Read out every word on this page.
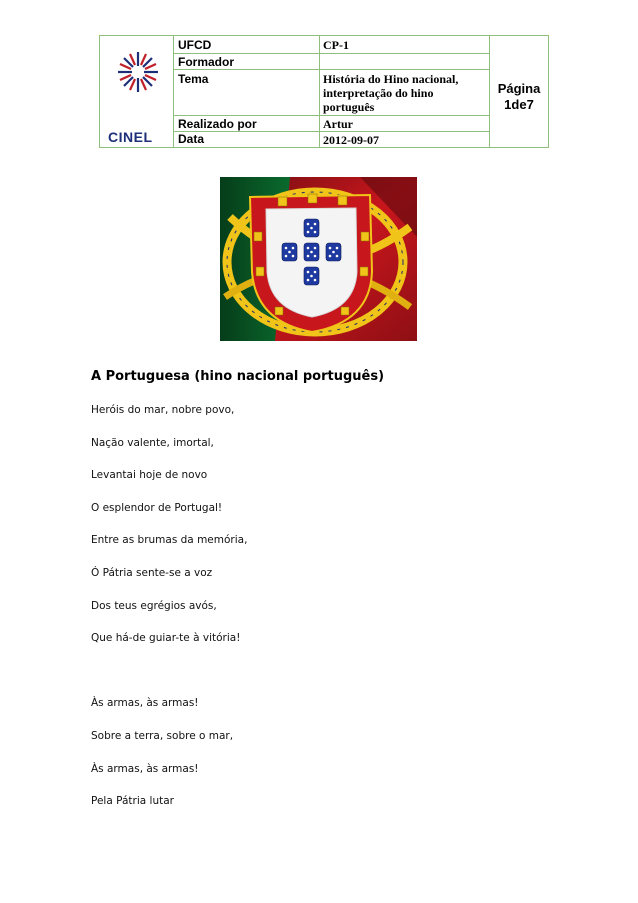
CINEL
UFCD	CP-1
Formador
Tema	História do Hino nacional, interpretação do hino português
Realizado por	Artur
Data	2012-09-07
Página
1de7
A Portuguesa (hino nacional português)
Heróis do mar, nobre povo,
Nação valente, imortal,
Levantai hoje de novo
O esplendor de Portugal!
Entre as brumas da memória,
Ó Pátria sente-se a voz
Dos teus egrégios avós,
Que há-de guiar-te à vitória!
Às armas, às armas!
Sobre a terra, sobre o mar,
Às armas, às armas!
Pela Pátria lutar
